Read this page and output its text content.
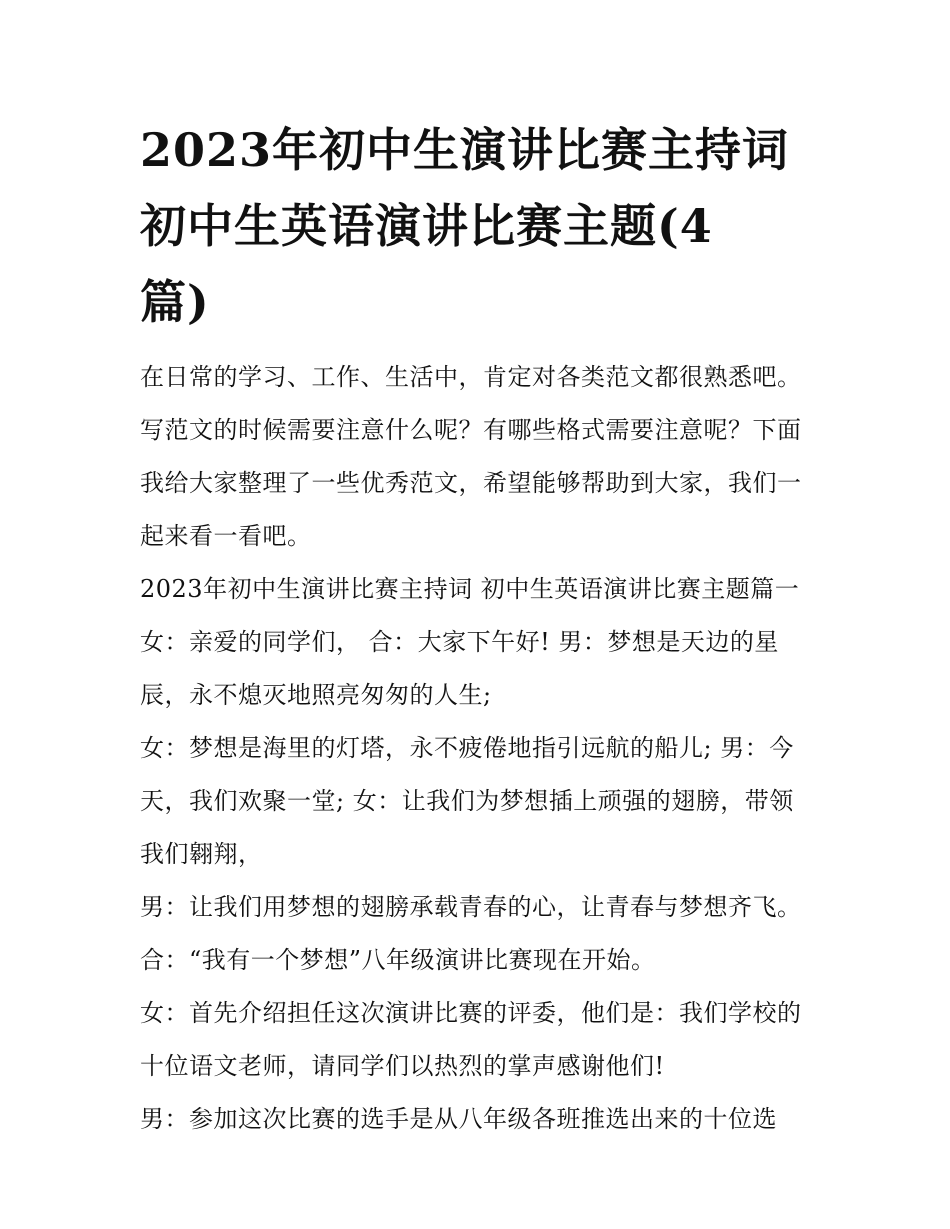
2023年初中生演讲比赛主持词
初中生英语演讲比赛主题(4
篇)
在日常的学习、工作、生活中，肯定对各类范文都很熟悉吧。
写范文的时候需要注意什么呢？有哪些格式需要注意呢？下面
我给大家整理了一些优秀范文，希望能够帮助到大家，我们一
起来看一看吧。
2023年初中生演讲比赛主持词 初中生英语演讲比赛主题篇一
女：亲爱的同学们， 合：大家下午好! 男：梦想是天边的星
辰，永不熄灭地照亮匆匆的人生;
女：梦想是海里的灯塔，永不疲倦地指引远航的船儿; 男：今
天，我们欢聚一堂; 女：让我们为梦想插上顽强的翅膀，带领
我们翱翔，
男：让我们用梦想的翅膀承载青春的心，让青春与梦想齐飞。
合：“我有一个梦想”八年级演讲比赛现在开始。
女：首先介绍担任这次演讲比赛的评委，他们是：我们学校的
十位语文老师，请同学们以热烈的掌声感谢他们!
男：参加这次比赛的选手是从八年级各班推选出来的十位选
